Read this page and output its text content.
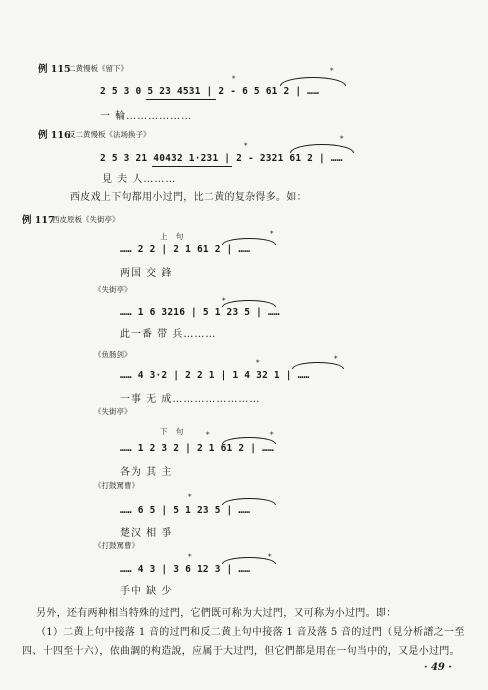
例 115
二黄慢板《留下》
2 5 3 0 5 23 4531 | 2 - 6 5 61 2 | ……
一 輪………………
*
*
例 116
反二黄慢板《法场换子》
2 5 3 21 40432 1·231 | 2 - 2321 61 2 | ……
見 夫 人………
*
*
西皮戏上下句都用小过門，比二黄的复杂得多。如：
例 117
西皮原板《失街亭》
上 句
…… 2 2 | 2 1 61 2 | ……
两国 交 鋒
*
《失街亭》
…… 1 6 3216 | 5 1 23 5 | ……
此一番 带 兵………
*
《鱼肠剑》
…… 4 3·2 | 2 2 1 | 1 4 32 1 | ……
一事 无 成……………………
*
*
《失街亭》
下 句
…… 1 2 3 2 | 2 1 61 2 | ……
各为 其 主
*	*
《打鼓罵曹》
…… 6 5 | 5 1 23 5 | ……
楚汉 相 爭
*
《打鼓罵曹》
…… 4 3 | 3 6 12 3 | ……
手中 缺 少
*	*
另外，还有两种相当特殊的过門，它們既可称为大过門，又可称为小过門。即：
（1）二黄上句中接落 1 音的过門和反二黄上句中接落 1 音及落 5 音的过門（見分析譜之一至
四、十四至十六），依曲調的构造說，应属于大过門，但它們都是用在一句当中的，又是小过門。
· 49 ·
